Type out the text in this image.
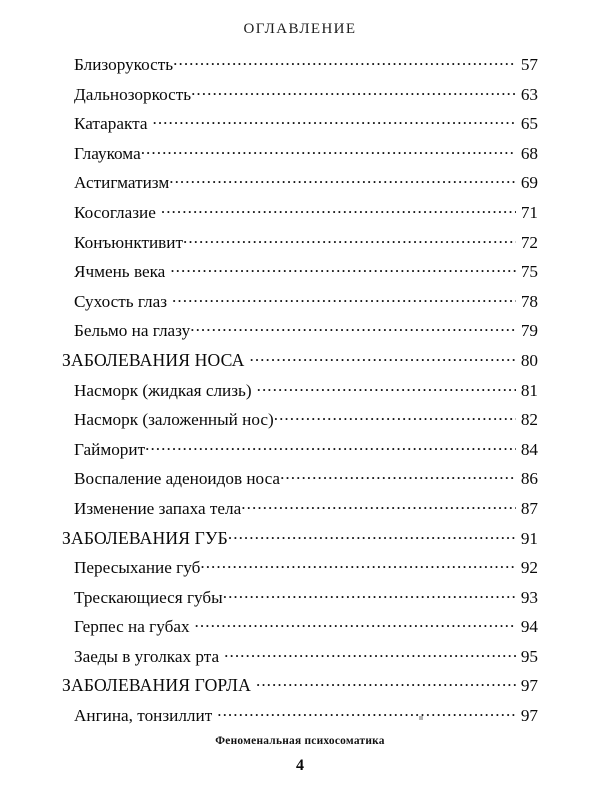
ОГЛАВЛЕНИЕ
Близорукость .....	57
Дальнозоркость .....	63
Катаракта .....	65
Глаукома .....	68
Астигматизм .....	69
Косоглазие .....	71
Конъюнктивит .....	72
Ячмень века .....	75
Сухость глаз .....	78
Бельмо на глазу .....	79
ЗАБОЛЕВАНИЯ НОСА .....	80
Насморк (жидкая слизь) .....	81
Насморк (заложенный нос) .....	82
Гайморит .....	84
Воспаление аденоидов носа .....	86
Изменение запаха тела .....	87
ЗАБОЛЕВАНИЯ ГУБ .....	91
Пересыхание губ .....	92
Трескающиеся губы .....	93
Герпес на губах .....	94
Заеды в уголках рта .....	95
ЗАБОЛЕВАНИЯ ГОРЛА .....	97
Ангина, тонзиллит .....	97
Феноменальная психосоматика
4
